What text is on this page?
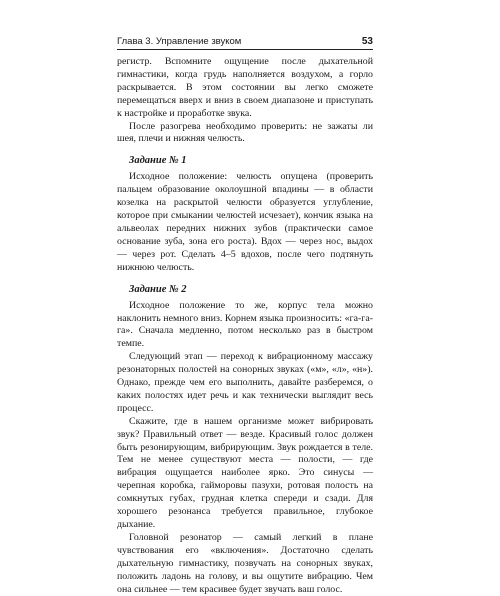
Глава 3. Управление звуком	53

регистр. Вспомните ощущение после дыхательной гимнастики, когда грудь наполняется воздухом, а горло раскрывается. В этом состоянии вы легко сможете перемещаться вверх и вниз в своем диапазоне и приступать к настройке и проработке звука.

После разогрева необходимо проверить: не зажаты ли шея, плечи и нижняя челюсть.

Задание № 1

Исходное положение: челюсть опущена (проверить пальцем образование околоушной впадины — в области козелка на раскрытой челюсти образуется углубление, которое при смыкании челюстей исчезает), кончик языка на альвеолах передних нижних зубов (практически самое основание зуба, зона его роста). Вдох — через нос, выдох — через рот. Сделать 4–5 вдохов, после чего подтянуть нижнюю челюсть.

Задание № 2

Исходное положение то же, корпус тела можно наклонить немного вниз. Корнем языка произносить: «га-га-га». Сначала медленно, потом несколько раз в быстром темпе.

Следующий этап — переход к вибрационному массажу резонаторных полостей на сонорных звуках («м», «л», «н»). Однако, прежде чем его выполнить, давайте разберемся, о каких полостях идет речь и как технически выглядит весь процесс.

Скажите, где в нашем организме может вибрировать звук? Правильный ответ — везде. Красивый голос должен быть резонирующим, вибрирующим. Звук рождается в теле. Тем не менее существуют места — полости, — где вибрация ощущается наиболее ярко. Это синусы — черепная коробка, гайморовы пазухи, ротовая полость на сомкнутых губах, грудная клетка спереди и сзади. Для хорошего резонанса требуется правильное, глубокое дыхание.

Головной резонатор — самый легкий в плане чувствования его «включения». Достаточно сделать дыхательную гимнастику, позвучать на сонорных звуках, положить ладонь на голову, и вы ощутите вибрацию. Чем она сильнее — тем красивее будет звучать ваш голос.
